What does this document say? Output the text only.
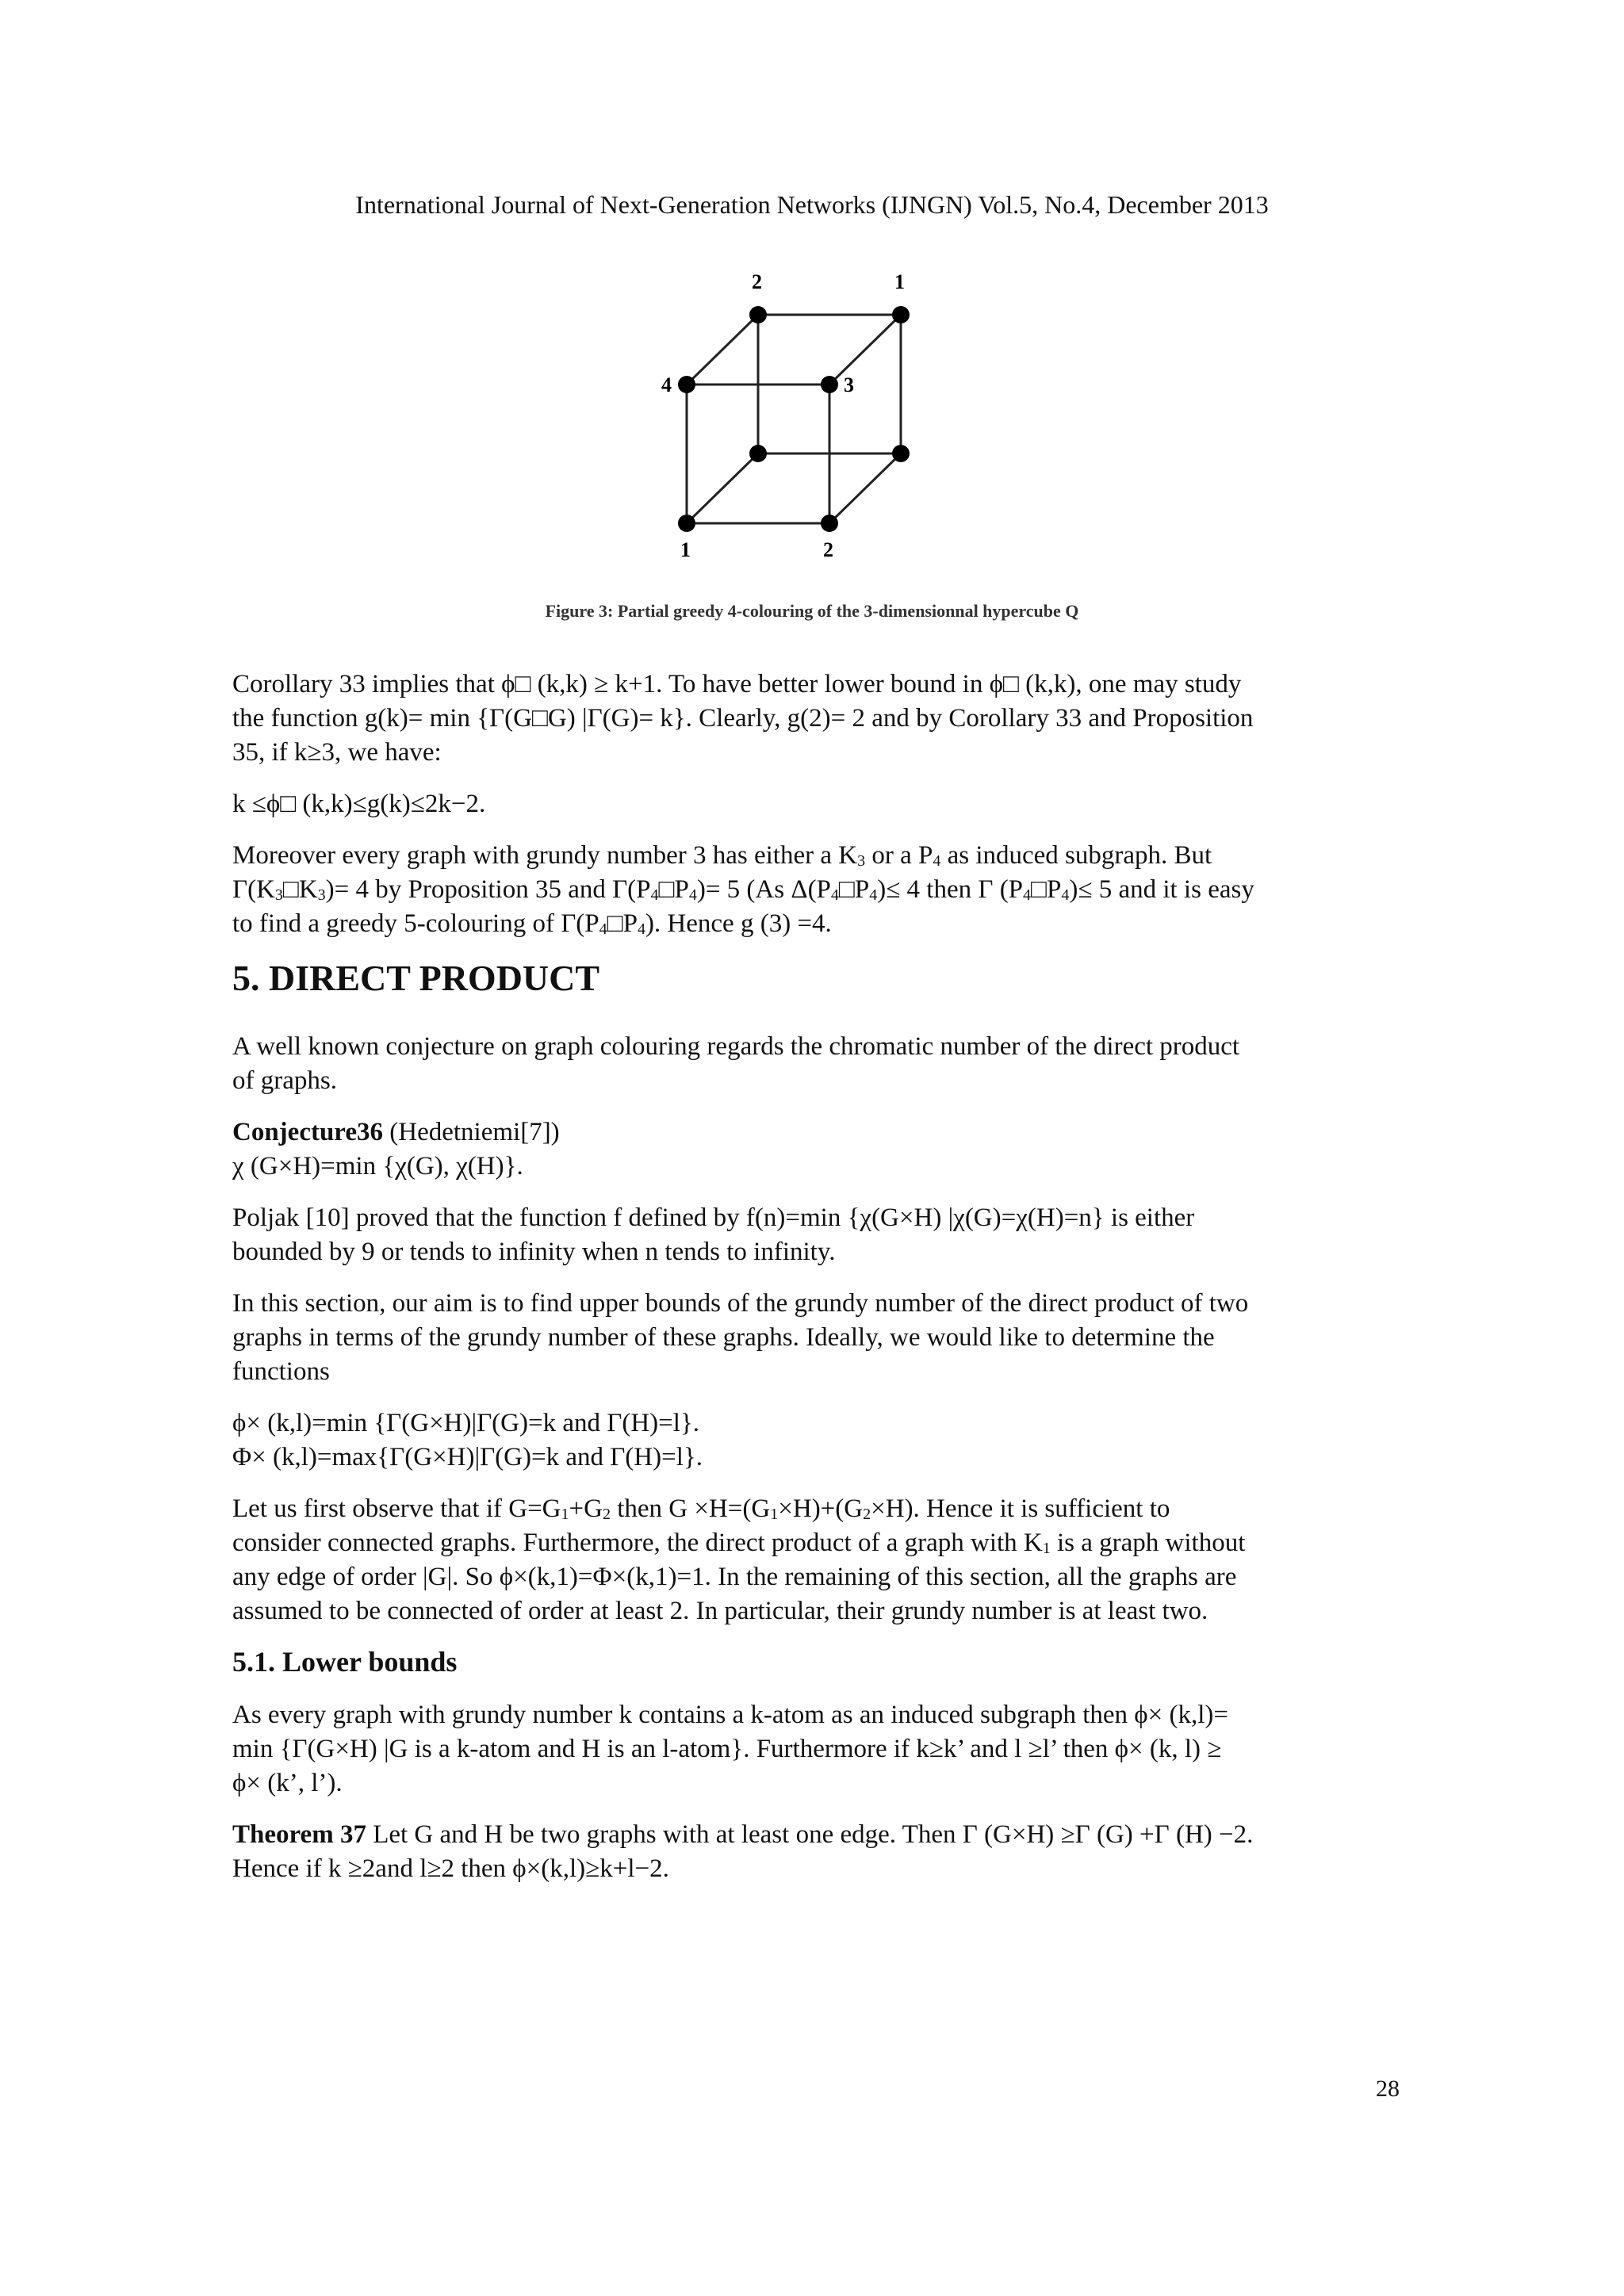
International Journal of Next-Generation Networks (IJNGN) Vol.5, No.4, December 2013
2	1
4	3
1	2
Figure 3: Partial greedy 4-colouring of the 3-dimensionnal hypercube Q

Corollary 33 implies that ϕ□ (k,k) ≥ k+1. To have better lower bound in ϕ□ (k,k), one may study
the function g(k)= min {Γ(G□G) |Γ(G)= k}. Clearly, g(2)= 2 and by Corollary 33 and Proposition
35, if k≥3, we have:

k ≤ϕ□ (k,k)≤g(k)≤2k−2.

Moreover every graph with grundy number 3 has either a $K_3$ or a $P_4$ as induced subgraph. But
$\Gamma(K_3□K_3)= 4$ by Proposition 35 and $\Gamma(P_4□P_4)= 5$ (As $\Delta(P_4□P_4)\le 4$ then Γ $(P_4□P_4)\le 5$ and it is easy
to find a greedy 5-colouring of $\Gamma(P_4□P_4)$. Hence g (3) =4.

5. DIRECT PRODUCT

A well known conjecture on graph colouring regards the chromatic number of the direct product
of graphs.

Conjecture36 (Hedetniemi[7])
χ (G×H)=min {χ(G), χ(H)}.

Poljak [10] proved that the function f defined by f(n)=min {χ(G×H) |χ(G)=χ(H)=n} is either
bounded by 9 or tends to infinity when n tends to infinity.

In this section, our aim is to find upper bounds of the grundy number of the direct product of two
graphs in terms of the grundy number of these graphs. Ideally, we would like to determine the
functions

ϕ× (k,l)=min {Γ(G×H)|Γ(G)=k and Γ(H)=l}.
Φ× (k,l)=max{Γ(G×H)|Γ(G)=k and Γ(H)=l}.

Let us first observe that if $G=G_1+G_2$ then $G \times H=(G_1\times H)+(G_2\times H)$. Hence it is sufficient to
consider connected graphs. Furthermore, the direct product of a graph with $K_1$ is a graph without
any edge of order |G|. So ϕ×(k,1)=Φ×(k,1)=1. In the remaining of this section, all the graphs are
assumed to be connected of order at least 2. In particular, their grundy number is at least two.

5.1. Lower bounds

As every graph with grundy number k contains a k-atom as an induced subgraph then ϕ× (k,l)=
min {Γ(G×H) |G is a k-atom and H is an l-atom}. Furthermore if k≥k’ and l ≥l’ then ϕ× (k, l) ≥
ϕ× (k’, l’).

Theorem 37 Let G and H be two graphs with at least one edge. Then Γ (G×H) ≥Γ (G) +Γ (H) −2.
Hence if k ≥2and l≥2 then ϕ×(k,l)≥k+l−2.

28
